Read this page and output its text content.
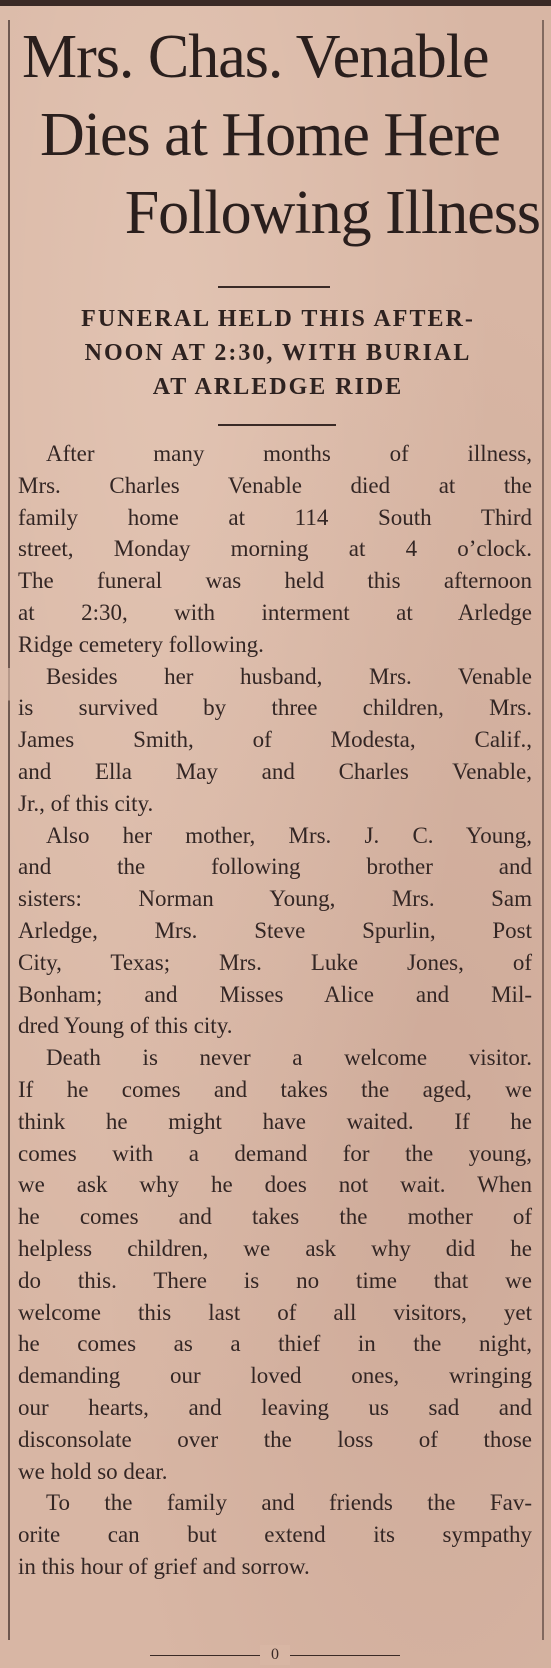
Mrs. Chas. Venable
Dies at Home Here
Following Illness
FUNERAL HELD THIS AFTER-
NOON AT 2:30, WITH BURIAL
AT ARLEDGE RIDE

After many months of illness,
Mrs. Charles Venable died at the
family home at 114 South Third
street, Monday morning at 4 o’clock.
The funeral was held this afternoon
at 2:30, with interment at Arledge
Ridge cemetery following.

Besides her husband, Mrs. Venable
is survived by three children, Mrs.
James Smith, of Modesta, Calif.,
and Ella May and Charles Venable,
Jr., of this city.

Also her mother, Mrs. J. C. Young,
and the following brother and
sisters: Norman Young, Mrs. Sam
Arledge, Mrs. Steve Spurlin, Post
City, Texas; Mrs. Luke Jones, of
Bonham; and Misses Alice and Mil-
dred Young of this city.

Death is never a welcome visitor.
If he comes and takes the aged, we
think he might have waited. If he
comes with a demand for the young,
we ask why he does not wait. When
he comes and takes the mother of
helpless children, we ask why did he
do this. There is no time that we
welcome this last of all visitors, yet
he comes as a thief in the night,
demanding our loved ones, wringing
our hearts, and leaving us sad and
disconsolate over the loss of those
we hold so dear.

To the family and friends the Fav-
orite can but extend its sympathy
in this hour of grief and sorrow.

0
